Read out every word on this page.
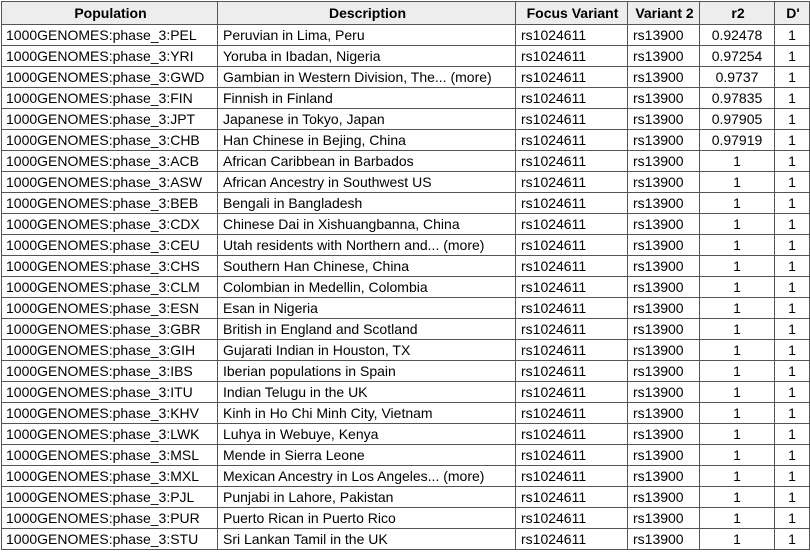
Population	Description	Focus Variant	Variant 2	r2	D'
1000GENOMES:phase_3:PEL	Peruvian in Lima, Peru	rs1024611	rs13900	0.92478	1
1000GENOMES:phase_3:YRI	Yoruba in Ibadan, Nigeria	rs1024611	rs13900	0.97254	1
1000GENOMES:phase_3:GWD	Gambian in Western Division, The... (more)	rs1024611	rs13900	0.9737	1
1000GENOMES:phase_3:FIN	Finnish in Finland	rs1024611	rs13900	0.97835	1
1000GENOMES:phase_3:JPT	Japanese in Tokyo, Japan	rs1024611	rs13900	0.97905	1
1000GENOMES:phase_3:CHB	Han Chinese in Bejing, China	rs1024611	rs13900	0.97919	1
1000GENOMES:phase_3:ACB	African Caribbean in Barbados	rs1024611	rs13900	1	1
1000GENOMES:phase_3:ASW	African Ancestry in Southwest US	rs1024611	rs13900	1	1
1000GENOMES:phase_3:BEB	Bengali in Bangladesh	rs1024611	rs13900	1	1
1000GENOMES:phase_3:CDX	Chinese Dai in Xishuangbanna, China	rs1024611	rs13900	1	1
1000GENOMES:phase_3:CEU	Utah residents with Northern and... (more)	rs1024611	rs13900	1	1
1000GENOMES:phase_3:CHS	Southern Han Chinese, China	rs1024611	rs13900	1	1
1000GENOMES:phase_3:CLM	Colombian in Medellin, Colombia	rs1024611	rs13900	1	1
1000GENOMES:phase_3:ESN	Esan in Nigeria	rs1024611	rs13900	1	1
1000GENOMES:phase_3:GBR	British in England and Scotland	rs1024611	rs13900	1	1
1000GENOMES:phase_3:GIH	Gujarati Indian in Houston, TX	rs1024611	rs13900	1	1
1000GENOMES:phase_3:IBS	Iberian populations in Spain	rs1024611	rs13900	1	1
1000GENOMES:phase_3:ITU	Indian Telugu in the UK	rs1024611	rs13900	1	1
1000GENOMES:phase_3:KHV	Kinh in Ho Chi Minh City, Vietnam	rs1024611	rs13900	1	1
1000GENOMES:phase_3:LWK	Luhya in Webuye, Kenya	rs1024611	rs13900	1	1
1000GENOMES:phase_3:MSL	Mende in Sierra Leone	rs1024611	rs13900	1	1
1000GENOMES:phase_3:MXL	Mexican Ancestry in Los Angeles... (more)	rs1024611	rs13900	1	1
1000GENOMES:phase_3:PJL	Punjabi in Lahore, Pakistan	rs1024611	rs13900	1	1
1000GENOMES:phase_3:PUR	Puerto Rican in Puerto Rico	rs1024611	rs13900	1	1
1000GENOMES:phase_3:STU	Sri Lankan Tamil in the UK	rs1024611	rs13900	1	1
